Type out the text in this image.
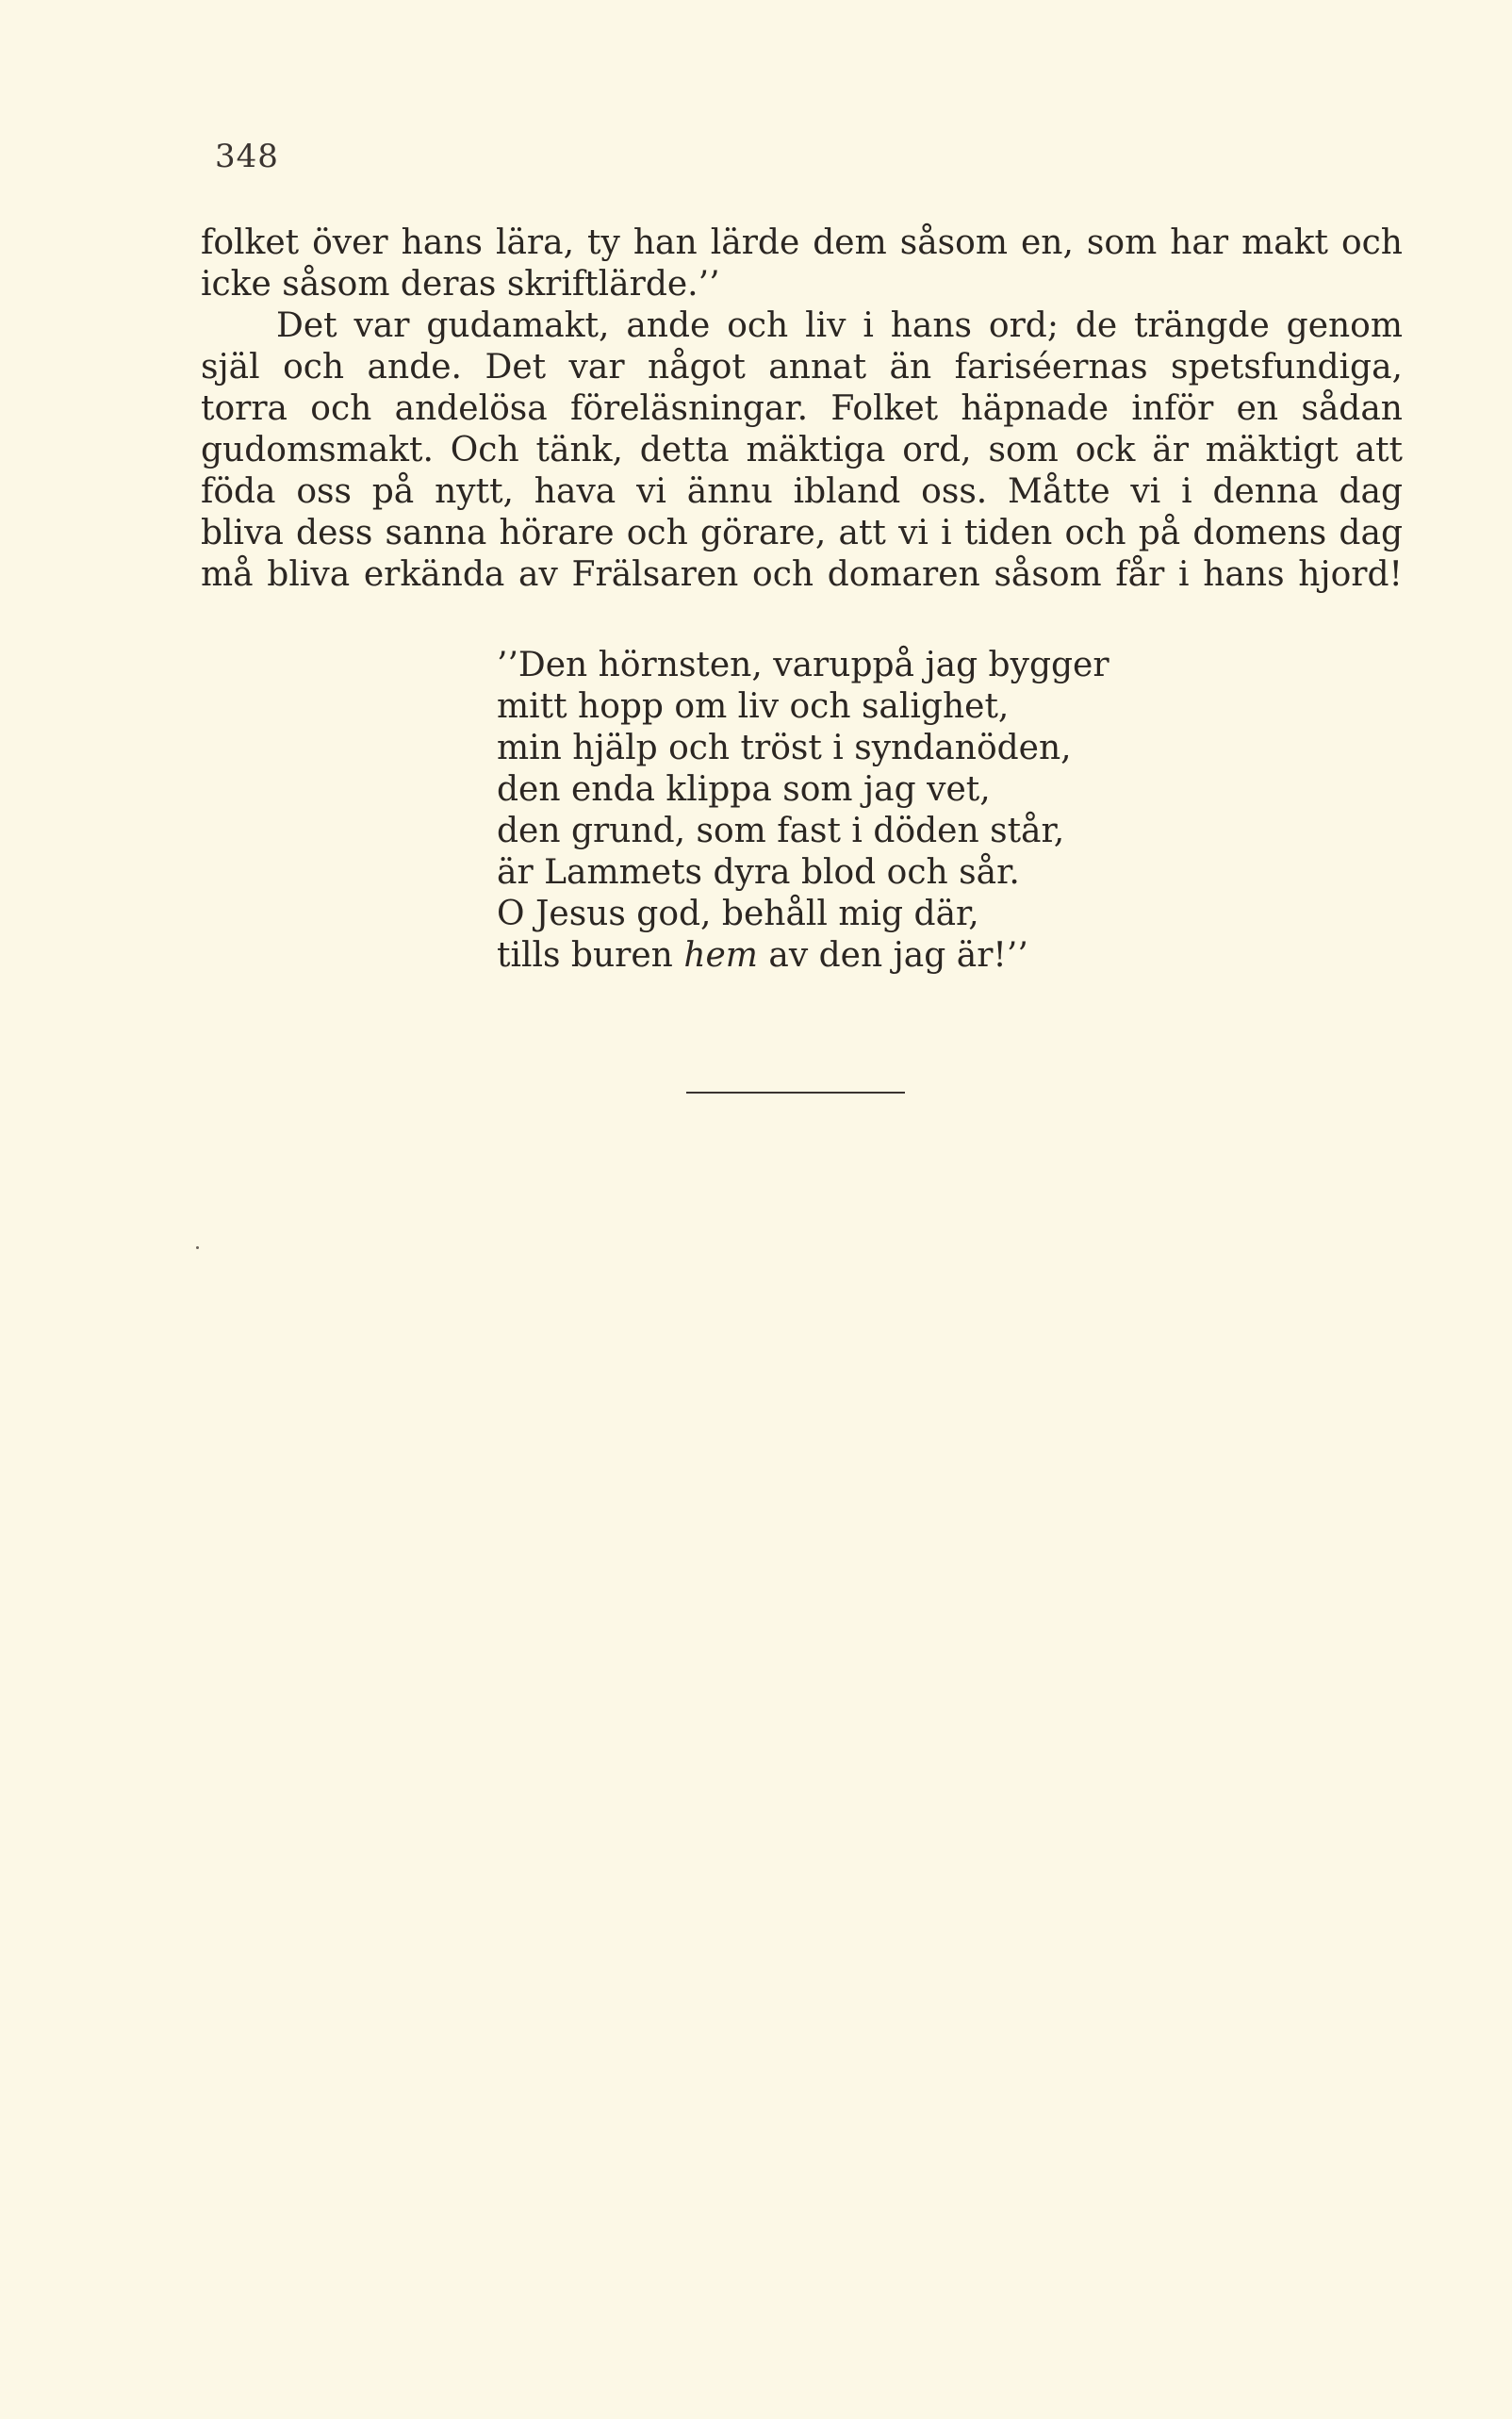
348
folket över hans lära, ty han lärde dem såsom en, som har makt och
icke såsom deras skriftlärde.’’
Det var gudamakt, ande och liv i hans ord; de trängde genom
själ och ande. Det var något annat än fariséernas spetsfundiga,
torra och andelösa föreläsningar. Folket häpnade inför en sådan
gudomsmakt. Och tänk, detta mäktiga ord, som ock är mäktigt att
föda oss på nytt, hava vi ännu ibland oss. Måtte vi i denna dag
bliva dess sanna hörare och görare, att vi i tiden och på domens dag
må bliva erkända av Frälsaren och domaren såsom får i hans hjord!
’’Den hörnsten, varuppå jag bygger
mitt hopp om liv och salighet,
min hjälp och tröst i syndanöden,
den enda klippa som jag vet,
den grund, som fast i döden står,
är Lammets dyra blod och sår.
O Jesus god, behåll mig där,
tills buren hem av den jag är!’’
